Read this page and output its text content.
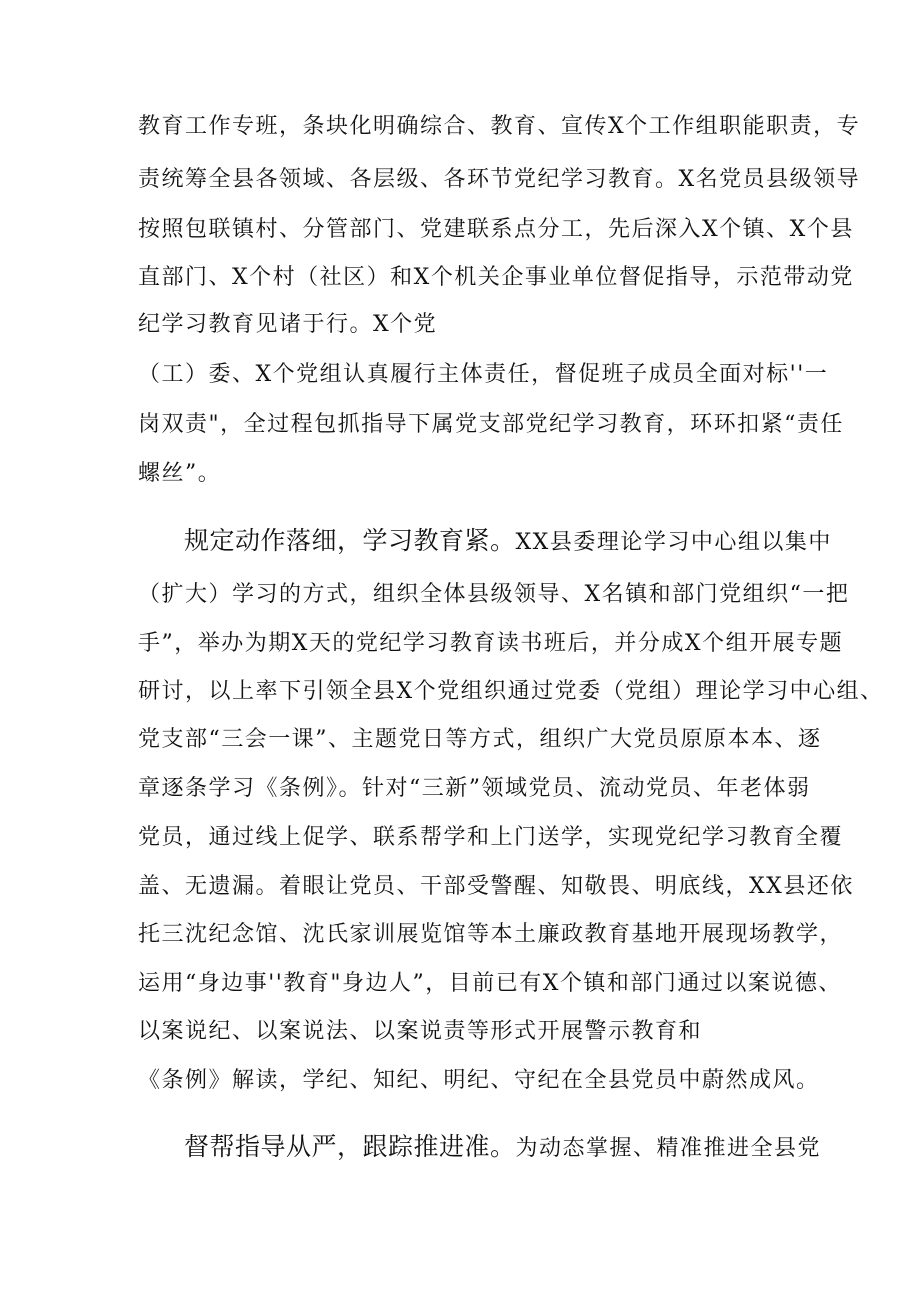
教育工作专班，条块化明确综合、教育、宣传X个工作组职能职责，专
责统筹全县各领域、各层级、各环节党纪学习教育。X名党员县级领导
按照包联镇村、分管部门、党建联系点分工，先后深入X个镇、X个县
直部门、X个村（社区）和X个机关企事业单位督促指导，示范带动党
纪学习教育见诸于行。X个党
（工）委、X个党组认真履行主体责任，督促班子成员全面对标''一
岗双责"，全过程包抓指导下属党支部党纪学习教育，环环扣紧“责任
螺丝”。
规定动作落细，学习教育紧。XX县委理论学习中心组以集中
（扩大）学习的方式，组织全体县级领导、X名镇和部门党组织“一把
手”，举办为期X天的党纪学习教育读书班后，并分成X个组开展专题
研讨，以上率下引领全县X个党组织通过党委（党组）理论学习中心组、
党支部“三会一课”、主题党日等方式，组织广大党员原原本本、逐
章逐条学习《条例》。针对“三新”领域党员、流动党员、年老体弱
党员，通过线上促学、联系帮学和上门送学，实现党纪学习教育全覆
盖、无遗漏。着眼让党员、干部受警醒、知敬畏、明底线，XX县还依
托三沈纪念馆、沈氏家训展览馆等本土廉政教育基地开展现场教学，
运用“身边事''教育"身边人”，目前已有X个镇和部门通过以案说德、
以案说纪、以案说法、以案说责等形式开展警示教育和
《条例》解读，学纪、知纪、明纪、守纪在全县党员中蔚然成风。
督帮指导从严，跟踪推进准。为动态掌握、精准推进全县党
